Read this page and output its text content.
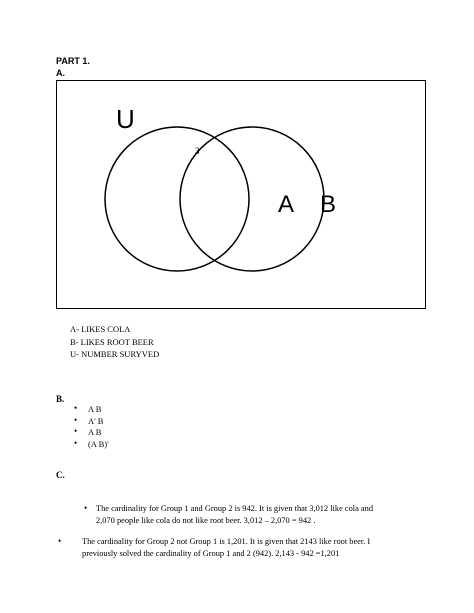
PART 1.
A.
U
3
A B
A- LIKES COLA
B- LIKES ROOT BEER
U- NUMBER SURYVED
B.
• A B
• A' B
• A B
• (A B)'
C.
• The cardinality for Group 1 and Group 2 is 942. It is given that 3,012 like cola and
2,070 people like cola do not like root beer. 3,012 – 2,070 = 942 .
•	The cardinality for Group 2 not Group 1 is 1,201. It is given that 2143 like root beer. I
previously solved the cardinality of Group 1 and 2 (942). 2,143 - 942 =1,201
